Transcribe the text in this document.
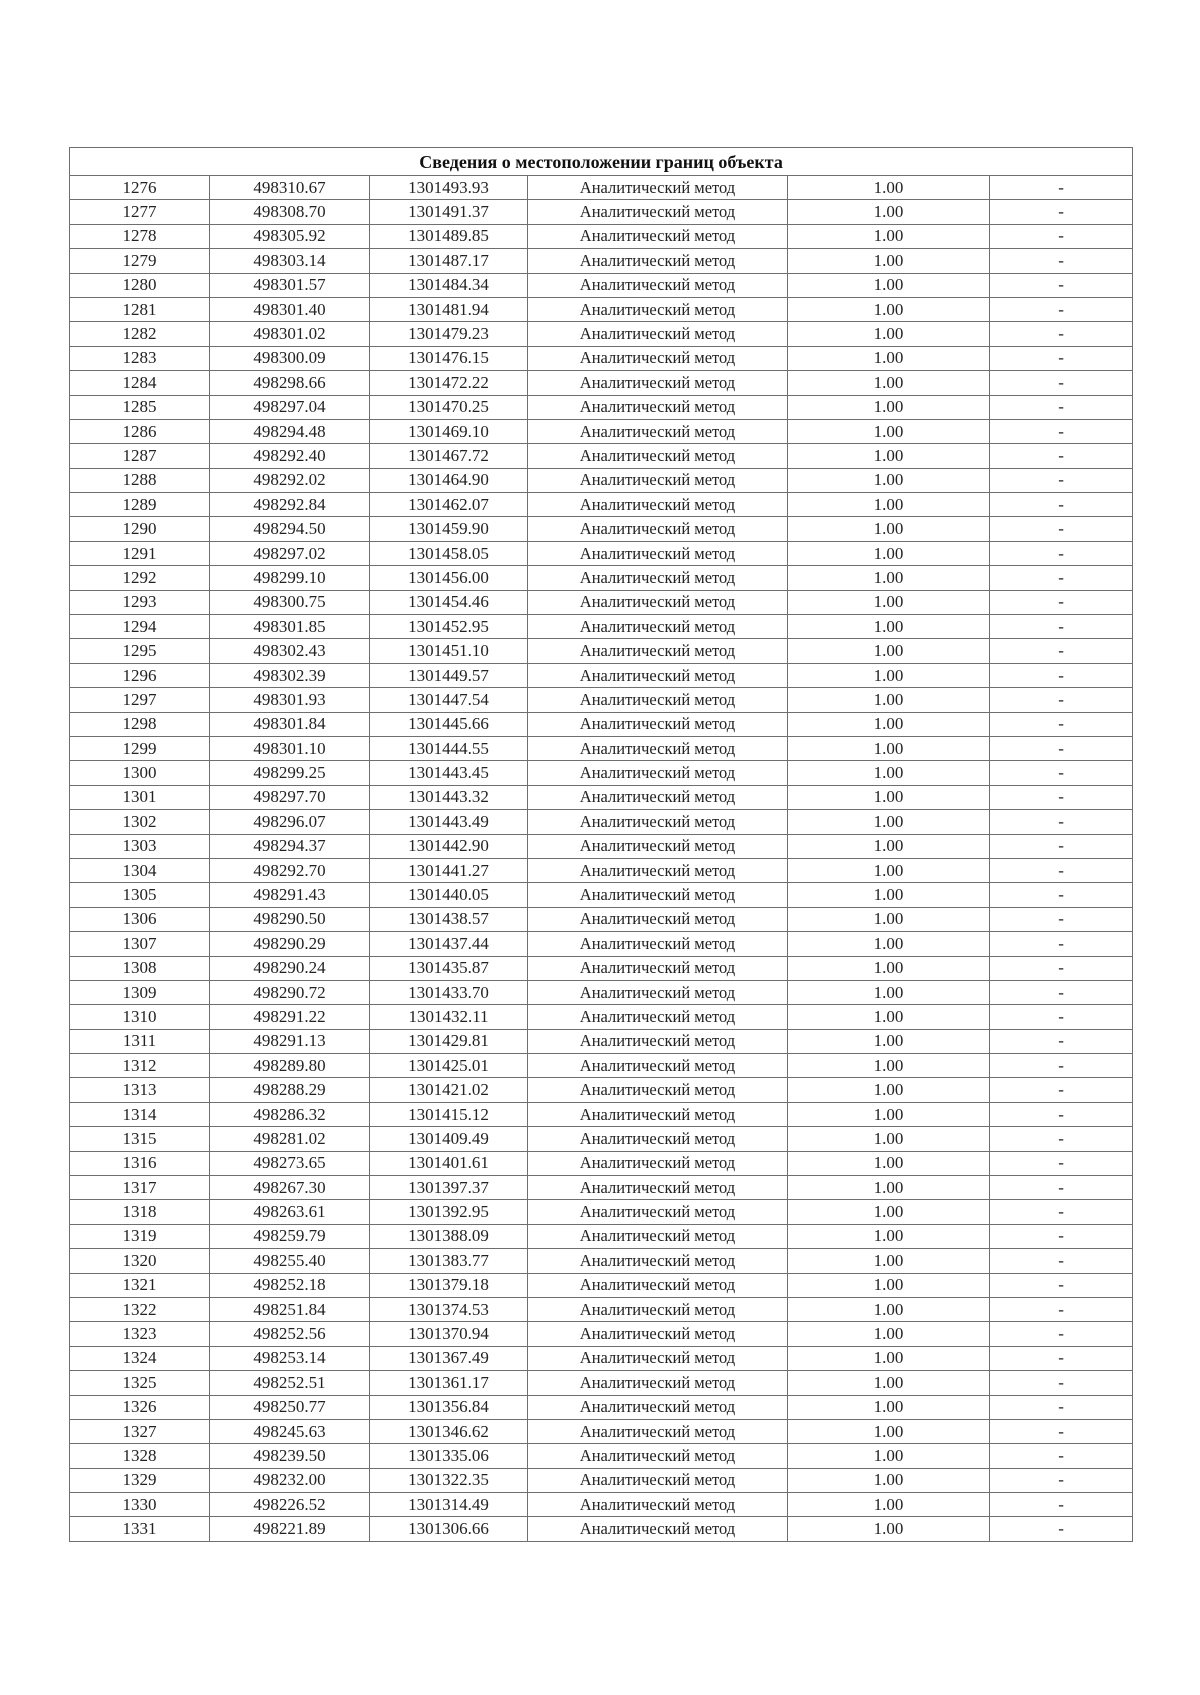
Сведения о местоположении границ объекта					
1276	498310.67	1301493.93	Аналитический метод	1.00	-
1277	498308.70	1301491.37	Аналитический метод	1.00	-
1278	498305.92	1301489.85	Аналитический метод	1.00	-
1279	498303.14	1301487.17	Аналитический метод	1.00	-
1280	498301.57	1301484.34	Аналитический метод	1.00	-
1281	498301.40	1301481.94	Аналитический метод	1.00	-
1282	498301.02	1301479.23	Аналитический метод	1.00	-
1283	498300.09	1301476.15	Аналитический метод	1.00	-
1284	498298.66	1301472.22	Аналитический метод	1.00	-
1285	498297.04	1301470.25	Аналитический метод	1.00	-
1286	498294.48	1301469.10	Аналитический метод	1.00	-
1287	498292.40	1301467.72	Аналитический метод	1.00	-
1288	498292.02	1301464.90	Аналитический метод	1.00	-
1289	498292.84	1301462.07	Аналитический метод	1.00	-
1290	498294.50	1301459.90	Аналитический метод	1.00	-
1291	498297.02	1301458.05	Аналитический метод	1.00	-
1292	498299.10	1301456.00	Аналитический метод	1.00	-
1293	498300.75	1301454.46	Аналитический метод	1.00	-
1294	498301.85	1301452.95	Аналитический метод	1.00	-
1295	498302.43	1301451.10	Аналитический метод	1.00	-
1296	498302.39	1301449.57	Аналитический метод	1.00	-
1297	498301.93	1301447.54	Аналитический метод	1.00	-
1298	498301.84	1301445.66	Аналитический метод	1.00	-
1299	498301.10	1301444.55	Аналитический метод	1.00	-
1300	498299.25	1301443.45	Аналитический метод	1.00	-
1301	498297.70	1301443.32	Аналитический метод	1.00	-
1302	498296.07	1301443.49	Аналитический метод	1.00	-
1303	498294.37	1301442.90	Аналитический метод	1.00	-
1304	498292.70	1301441.27	Аналитический метод	1.00	-
1305	498291.43	1301440.05	Аналитический метод	1.00	-
1306	498290.50	1301438.57	Аналитический метод	1.00	-
1307	498290.29	1301437.44	Аналитический метод	1.00	-
1308	498290.24	1301435.87	Аналитический метод	1.00	-
1309	498290.72	1301433.70	Аналитический метод	1.00	-
1310	498291.22	1301432.11	Аналитический метод	1.00	-
1311	498291.13	1301429.81	Аналитический метод	1.00	-
1312	498289.80	1301425.01	Аналитический метод	1.00	-
1313	498288.29	1301421.02	Аналитический метод	1.00	-
1314	498286.32	1301415.12	Аналитический метод	1.00	-
1315	498281.02	1301409.49	Аналитический метод	1.00	-
1316	498273.65	1301401.61	Аналитический метод	1.00	-
1317	498267.30	1301397.37	Аналитический метод	1.00	-
1318	498263.61	1301392.95	Аналитический метод	1.00	-
1319	498259.79	1301388.09	Аналитический метод	1.00	-
1320	498255.40	1301383.77	Аналитический метод	1.00	-
1321	498252.18	1301379.18	Аналитический метод	1.00	-
1322	498251.84	1301374.53	Аналитический метод	1.00	-
1323	498252.56	1301370.94	Аналитический метод	1.00	-
1324	498253.14	1301367.49	Аналитический метод	1.00	-
1325	498252.51	1301361.17	Аналитический метод	1.00	-
1326	498250.77	1301356.84	Аналитический метод	1.00	-
1327	498245.63	1301346.62	Аналитический метод	1.00	-
1328	498239.50	1301335.06	Аналитический метод	1.00	-
1329	498232.00	1301322.35	Аналитический метод	1.00	-
1330	498226.52	1301314.49	Аналитический метод	1.00	-
1331	498221.89	1301306.66	Аналитический метод	1.00	-
